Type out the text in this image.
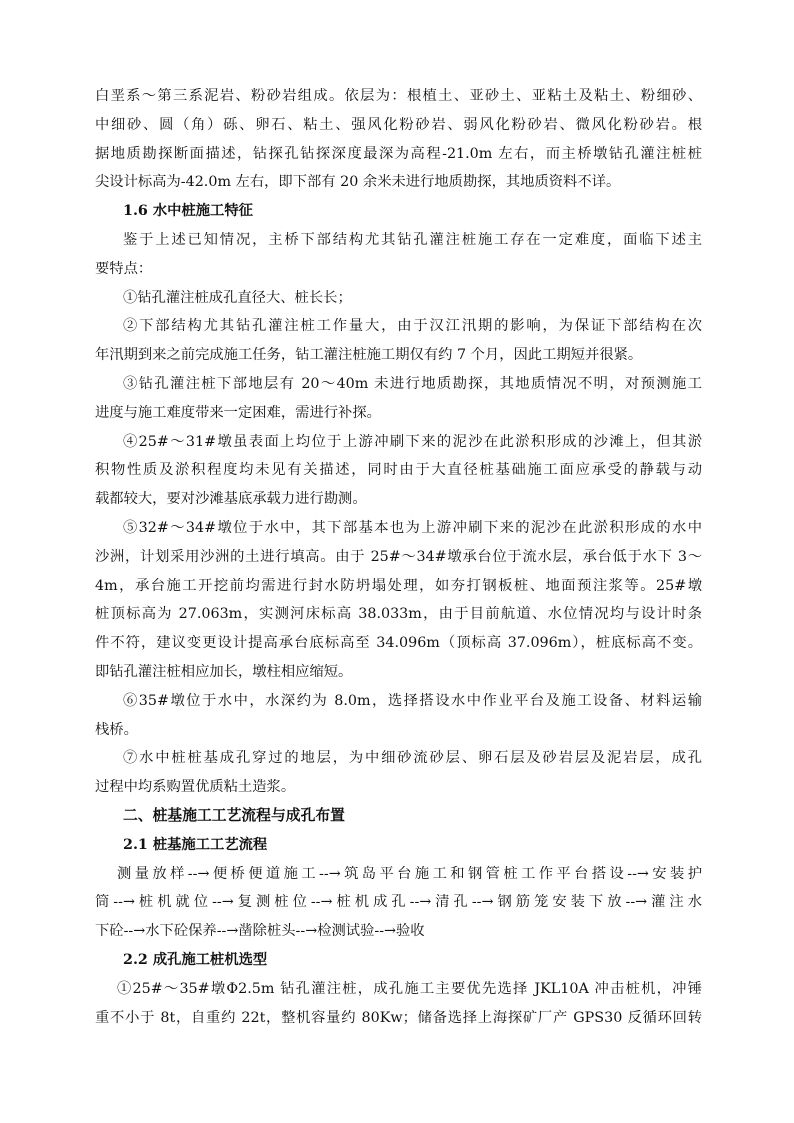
白垩系～第三系泥岩、粉砂岩组成。依层为：根植土、亚砂土、亚粘土及粘土、粉细砂、
中细砂、圆（角）砾、卵石、粘土、强风化粉砂岩、弱风化粉砂岩、微风化粉砂岩。根
据地质勘探断面描述，钻探孔钻探深度最深为高程-21.0m 左右，而主桥墩钻孔灌注桩桩
尖设计标高为-42.0m 左右，即下部有 20 余米未进行地质勘探，其地质资料不详。
1.6 水中桩施工特征
鉴于上述已知情况，主桥下部结构尤其钻孔灌注桩施工存在一定难度，面临下述主
要特点：
①钻孔灌注桩成孔直径大、桩长长；
②下部结构尤其钻孔灌注桩工作量大，由于汉江汛期的影响，为保证下部结构在次
年汛期到来之前完成施工任务，钻工灌注桩施工期仅有约 7 个月，因此工期短并很紧。
③钻孔灌注桩下部地层有 20～40m 未进行地质勘探，其地质情况不明，对预测施工
进度与施工难度带来一定困难，需进行补探。
④25#～31#墩虽表面上均位于上游冲刷下来的泥沙在此淤积形成的沙滩上，但其淤
积物性质及淤积程度均未见有关描述，同时由于大直径桩基础施工面应承受的静载与动
载都较大，要对沙滩基底承载力进行勘测。
⑤32#～34#墩位于水中，其下部基本也为上游冲刷下来的泥沙在此淤积形成的水中
沙洲，计划采用沙洲的土进行填高。由于 25#～34#墩承台位于流水层，承台低于水下 3～
4m，承台施工开挖前均需进行封水防坍塌处理，如夯打钢板桩、地面预注浆等。25#墩
桩顶标高为 27.063m，实测河床标高 38.033m，由于目前航道、水位情况均与设计时条
件不符，建议变更设计提高承台底标高至 34.096m（顶标高 37.096m），桩底标高不变。
即钻孔灌注桩相应加长，墩柱相应缩短。
⑥35#墩位于水中，水深约为 8.0m，选择搭设水中作业平台及施工设备、材料运输
栈桥。
⑦水中桩桩基成孔穿过的地层，为中细砂流砂层、卵石层及砂岩层及泥岩层，成孔
过程中均系购置优质粘土造浆。
二、桩基施工工艺流程与成孔布置
2.1 桩基施工工艺流程
测量放样--→便桥便道施工--→筑岛平台施工和钢管桩工作平台搭设--→安装护
筒--→桩机就位--→复测桩位--→桩机成孔--→清孔--→钢筋笼安装下放--→灌注水
下砼--→水下砼保养--→凿除桩头--→检测试验--→验收
2.2 成孔施工桩机选型
①25#～35#墩Φ2.5m 钻孔灌注桩，成孔施工主要优先选择 JKL10A 冲击桩机，冲锤
重不小于 8t，自重约 22t，整机容量约 80Kw；储备选择上海探矿厂产 GPS30 反循环回转
